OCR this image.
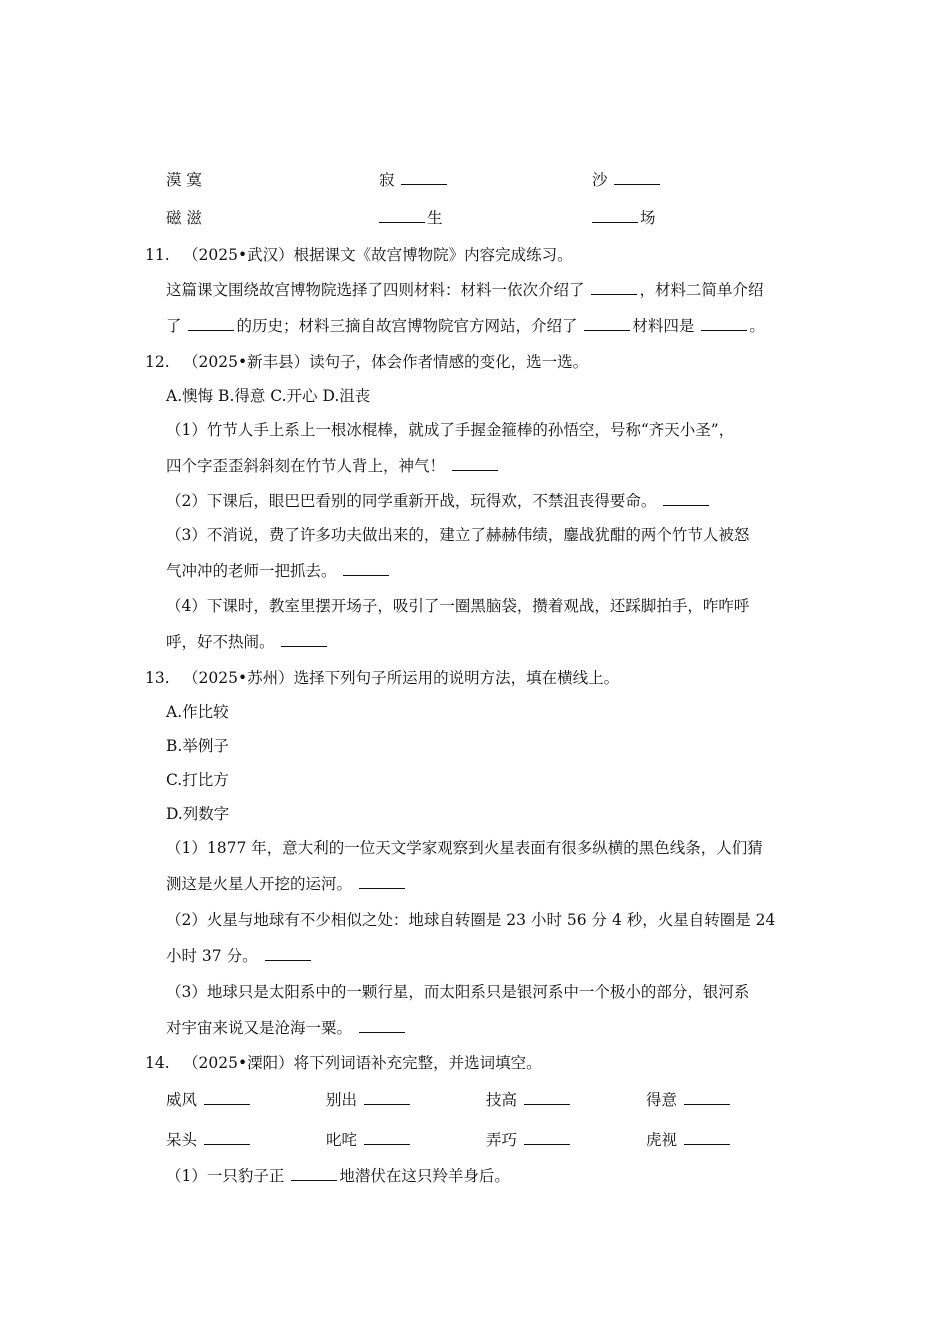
漠 寞	寂	沙
磁 滋	生	场
11. （2025•武汉）根据课文《故宫博物院》内容完成练习。
这篇课文围绕故宫博物院选择了四则材料：材料一依次介绍了	，材料二简单介绍
了	的历史；材料三摘自故宫博物院官方网站，介绍了	材料四是	。
12. （2025•新丰县）读句子，体会作者情感的变化，选一选。
A.懊悔 B.得意 C.开心 D.沮丧
（1）竹节人手上系上一根冰棍棒，就成了手握金箍棒的孙悟空，号称“齐天小圣”，
四个字歪歪斜斜刻在竹节人背上，神气！
（2）下课后，眼巴巴看别的同学重新开战，玩得欢，不禁沮丧得要命。
（3）不消说，费了许多功夫做出来的，建立了赫赫伟绩，鏖战犹酣的两个竹节人被怒
气冲冲的老师一把抓去。
（4）下课时，教室里摆开场子，吸引了一圈黑脑袋，攒着观战，还踩脚拍手，咋咋呼
呼，好不热闹。
13. （2025•苏州）选择下列句子所运用的说明方法，填在横线上。
A.作比较
B.举例子
C.打比方
D.列数字
（1）1877 年，意大利的一位天文学家观察到火星表面有很多纵横的黑色线条，人们猜
测这是火星人开挖的运河。
（2）火星与地球有不少相似之处：地球自转圈是 23 小时 56 分 4 秒，火星自转圈是 24
小时 37 分。
（3）地球只是太阳系中的一颗行星，而太阳系只是银河系中一个极小的部分，银河系
对宇宙来说又是沧海一粟。
14. （2025•溧阳）将下列词语补充完整，并选词填空。
威风	别出	技高	得意
呆头	叱咤	弄巧	虎视
（1）一只豹子正	地潜伏在这只羚羊身后。
